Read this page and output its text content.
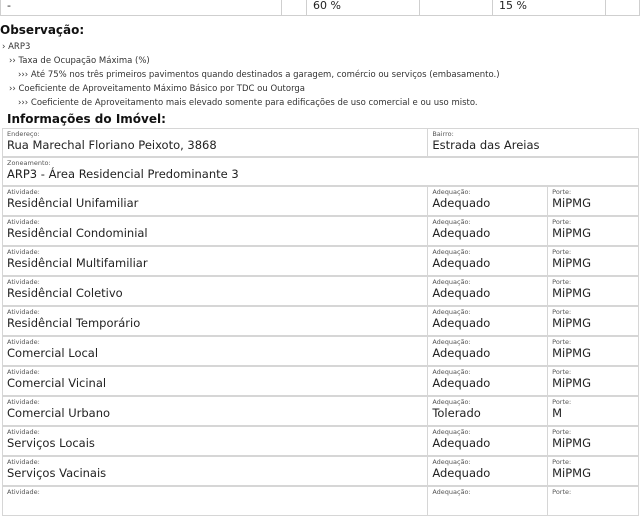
-		60 %		15 %	
Observação:
› ARP3
›› Taxa de Ocupação Máxima (%)
››› Até 75% nos três primeiros pavimentos quando destinados a garagem, comércio ou serviços (embasamento.)
›› Coeficiente de Aproveitamento Máximo Básico por TDC ou Outorga
››› Coeficiente de Aproveitamento mais elevado somente para edificações de uso comercial e ou uso misto.
Informações do Imóvel:
Endereço:
Rua Marechal Floriano Peixoto, 3868
Bairro:
Estrada das Areias
Zoneamento:
ARP3 - Área Residencial Predominante 3
Atividade:
Residêncial Unifamiliar
Adequação:
Adequado
Porte:
MiPMG
Atividade:
Residêncial Condominial
Adequação:
Adequado
Porte:
MiPMG
Atividade:
Residêncial Multifamiliar
Adequação:
Adequado
Porte:
MiPMG
Atividade:
Residêncial Coletivo
Adequação:
Adequado
Porte:
MiPMG
Atividade:
Residêncial Temporário
Adequação:
Adequado
Porte:
MiPMG
Atividade:
Comercial Local
Adequação:
Adequado
Porte:
MiPMG
Atividade:
Comercial Vicinal
Adequação:
Adequado
Porte:
MiPMG
Atividade:
Comercial Urbano
Adequação:
Tolerado
Porte:
M
Atividade:
Serviços Locais
Adequação:
Adequado
Porte:
MiPMG
Atividade:
Serviços Vacinais
Adequação:
Adequado
Porte:
MiPMG
Atividade:	Adequação:	Porte:
